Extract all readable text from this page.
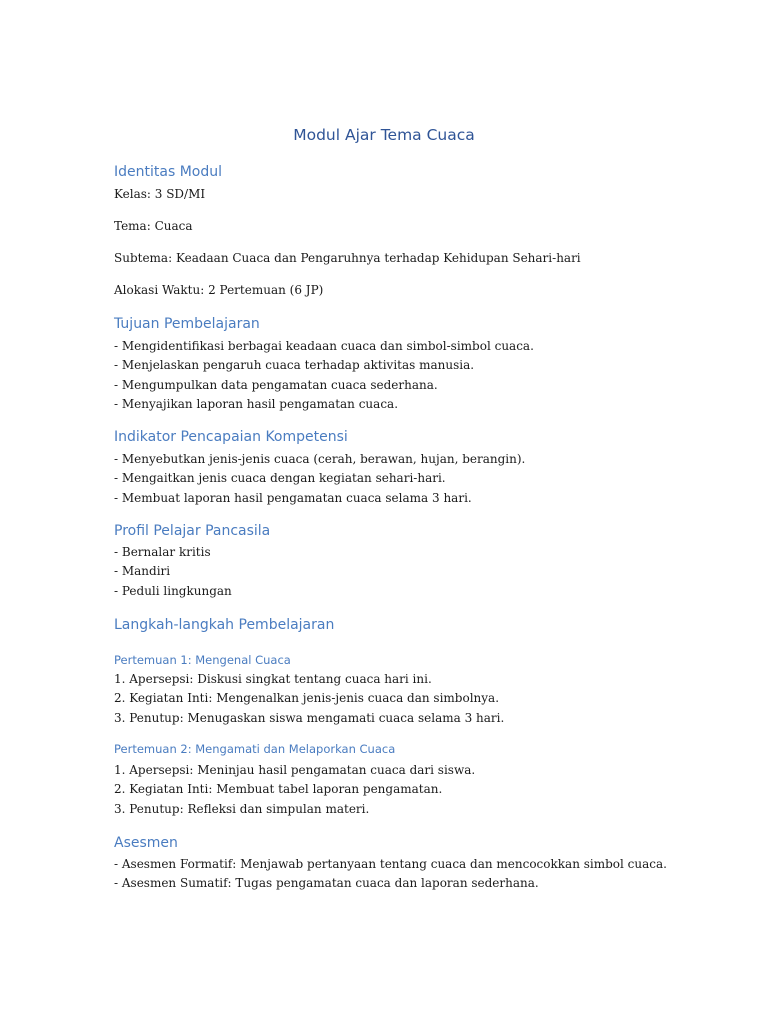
Modul Ajar Tema Cuaca
Identitas Modul

Kelas: 3 SD/MI

Tema: Cuaca

Subtema: Keadaan Cuaca dan Pengaruhnya terhadap Kehidupan Sehari-hari

Alokasi Waktu: 2 Pertemuan (6 JP)

Tujuan Pembelajaran
- Mengidentifikasi berbagai keadaan cuaca dan simbol-simbol cuaca.
- Menjelaskan pengaruh cuaca terhadap aktivitas manusia.
- Mengumpulkan data pengamatan cuaca sederhana.
- Menyajikan laporan hasil pengamatan cuaca.
Indikator Pencapaian Kompetensi
- Menyebutkan jenis-jenis cuaca (cerah, berawan, hujan, berangin).
- Mengaitkan jenis cuaca dengan kegiatan sehari-hari.
- Membuat laporan hasil pengamatan cuaca selama 3 hari.
Profil Pelajar Pancasila
- Bernalar kritis
- Mandiri
- Peduli lingkungan
Langkah-langkah Pembelajaran
Pertemuan 1: Mengenal Cuaca
1. Apersepsi: Diskusi singkat tentang cuaca hari ini.
2. Kegiatan Inti: Mengenalkan jenis-jenis cuaca dan simbolnya.
3. Penutup: Menugaskan siswa mengamati cuaca selama 3 hari.
Pertemuan 2: Mengamati dan Melaporkan Cuaca
1. Apersepsi: Meninjau hasil pengamatan cuaca dari siswa.
2. Kegiatan Inti: Membuat tabel laporan pengamatan.
3. Penutup: Refleksi dan simpulan materi.
Asesmen
- Asesmen Formatif: Menjawab pertanyaan tentang cuaca dan mencocokkan simbol cuaca.
- Asesmen Sumatif: Tugas pengamatan cuaca dan laporan sederhana.
